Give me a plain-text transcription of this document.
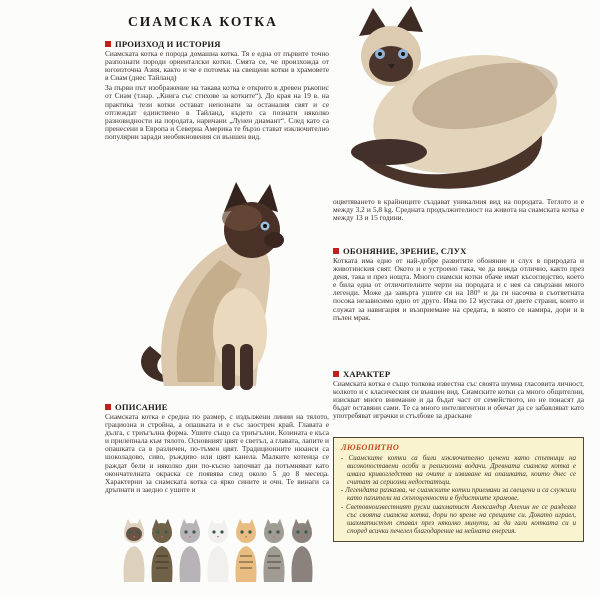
СИАМСКА КОТКА
ПРОИЗХОД И ИСТОРИЯ

Сиамската котка е порода домашна котка. Тя е една от първите точно разпознати породи ориенталски котки. Смята се, че произхожда от югоизточна Азия, както и че е потомък на свещени котки в храмовете в Сиам (днес Тайланд)

За първи път изображение на такава котка е открито в древен ръкопис от Сиам (т.нар. „Книга със стихове за котките“). До края на 19 в. на практика тези котки остават непознати за останалия свят и се отглеждат единствено в Тайланд, където са познати няколко разновидности на породата, наричани „Лунен диамант“. След като са пренесени в Европа и Северна Америка те бързо стават изключително популярни заради необикновения си външен вид.

ОПИСАНИЕ
Сиамската котка е средна по размер, с издължени линии на тялото, грациозна и стройна, а опашката и е със заострен край. Главата е дълга, с триъгълна форма. Ушите също са триъгълни. Козината е къса и прилепнала към тялото. Основният цвят е светъл, а главата, лапите и опашката са в различен, по-тъмен цвят. Традиционните нюанси са шоколадово, сиво, ръждиво или цвят канела. Малките котенца се раждат бели и няколко дни по-късно започват да потъмняват като окончателната окраска се появява след около 5 до 8 месеца. Характерни за сиамската котка са ярко сините и очи. Те винаги са дръпнати и заедно с ушите и
оцветяването в крайниците създават уникалния вид на породата. Теглото и е между 3,2 и 5,8 kg. Средната продължителност на живота на сиамската котка е между 13 и 15 години.
ОБОНЯНИЕ, ЗРЕНИЕ, СЛУХ
Котката има едно от най-добре развитите обоняние и слух в природата и животинския свят. Окото и е устроено така, че да вижда отлично, както през деня, така и през нощта. Много сиамски котки обаче имат късогледство, което е била една от отличителните черти на породата и с нея са свързани много легенди. Може да завърта ушите си на 180° и да ги насочва в съответната посока независимо едно от друго. Има по 12 мустака от двете страни, които и служат за навигация и възприемане на средата, в която се намира, дори и в пълен мрак.
ХАРАКТЕР
Сиамската котка е също толкова известна със своята шумна гласовита личност, колкото и с класическия си външен вид. Сиамските котки са много общителни, изискват много внимание и да бъдат част от семейството, но не понасят да бъдат оставяни сами. Те са много интелигентни и обичат да се забавляват като употребяват играчки и стълбове за драскане
ЛЮБОПИТНО
- Сиамските котки са били изключително ценени като спътници на високопоставени особи и религиозни водачи. Древната сиамска котка е имала кривогледство на очите и извиване на опашката, които днес се считат за сериозни недостатъци.
- Легендата разказва, че сиамските котки приемани за свещени и са служили като пазители на скъпоценности в будистките храмове.
- Световноизвестният руски шахматист Александър Алехин не се разделял със своята сиамска котка, дори по време на срещите си. Докато играел, шахматистът ставал през няколко минути, за да гали котката си и според всички печелел благодарение на нейната енергия.
